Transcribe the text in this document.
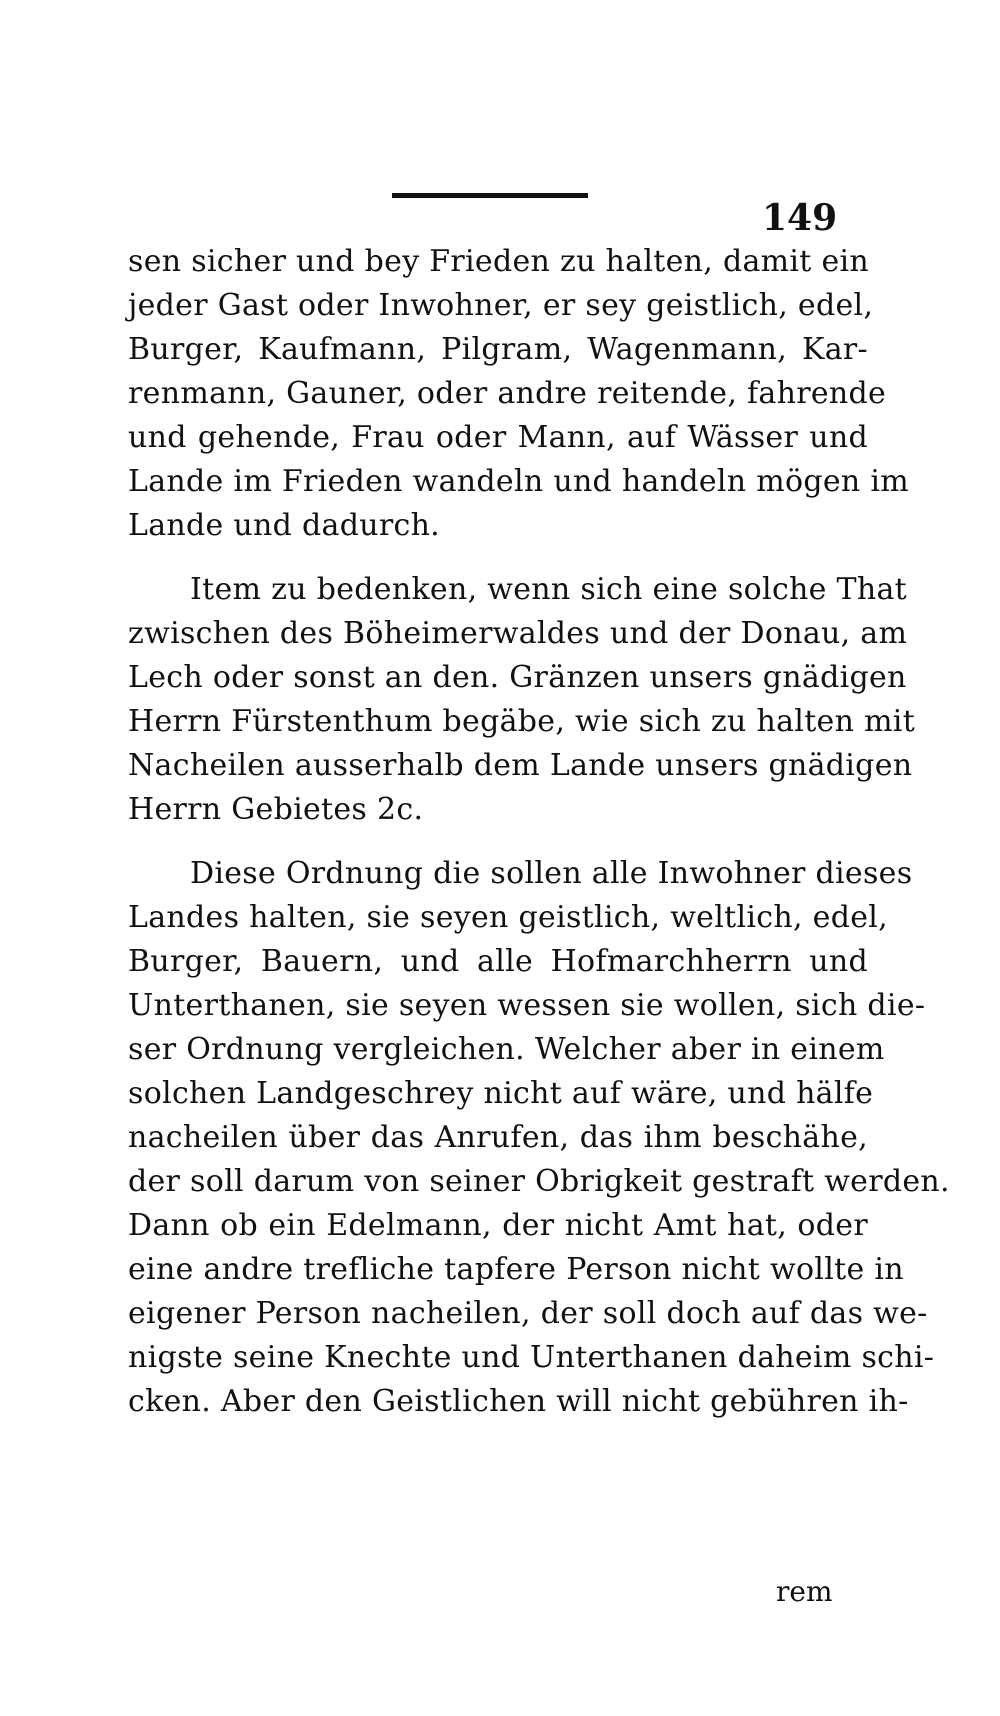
149
sen sicher und bey Frieden zu halten, damit ein
jeder Gast oder Inwohner, er sey geistlich, edel,
Burger, Kaufmann, Pilgram, Wagenmann, Kar-
renmann, Gauner, oder andre reitende, fahrende
und gehende, Frau oder Mann, auf Wässer und
Lande im Frieden wandeln und handeln mögen im
Lande und dadurch.
Item zu bedenken, wenn sich eine solche That
zwischen des Böheimerwaldes und der Donau, am
Lech oder sonst an den. Gränzen unsers gnädigen
Herrn Fürstenthum begäbe, wie sich zu halten mit
Nacheilen ausserhalb dem Lande unsers gnädigen
Herrn Gebietes 2c.
Diese Ordnung die sollen alle Inwohner dieses
Landes halten, sie seyen geistlich, weltlich, edel,
Burger, Bauern, und alle Hofmarchherrn und
Unterthanen, sie seyen wessen sie wollen, sich die-
ser Ordnung vergleichen. Welcher aber in einem
solchen Landgeschrey nicht auf wäre, und hälfe
nacheilen über das Anrufen, das ihm beschähe,
der soll darum von seiner Obrigkeit gestraft werden.
Dann ob ein Edelmann, der nicht Amt hat, oder
eine andre trefliche tapfere Person nicht wollte in
eigener Person nacheilen, der soll doch auf das we-
nigste seine Knechte und Unterthanen daheim schi-
cken. Aber den Geistlichen will nicht gebühren ih-
rem
